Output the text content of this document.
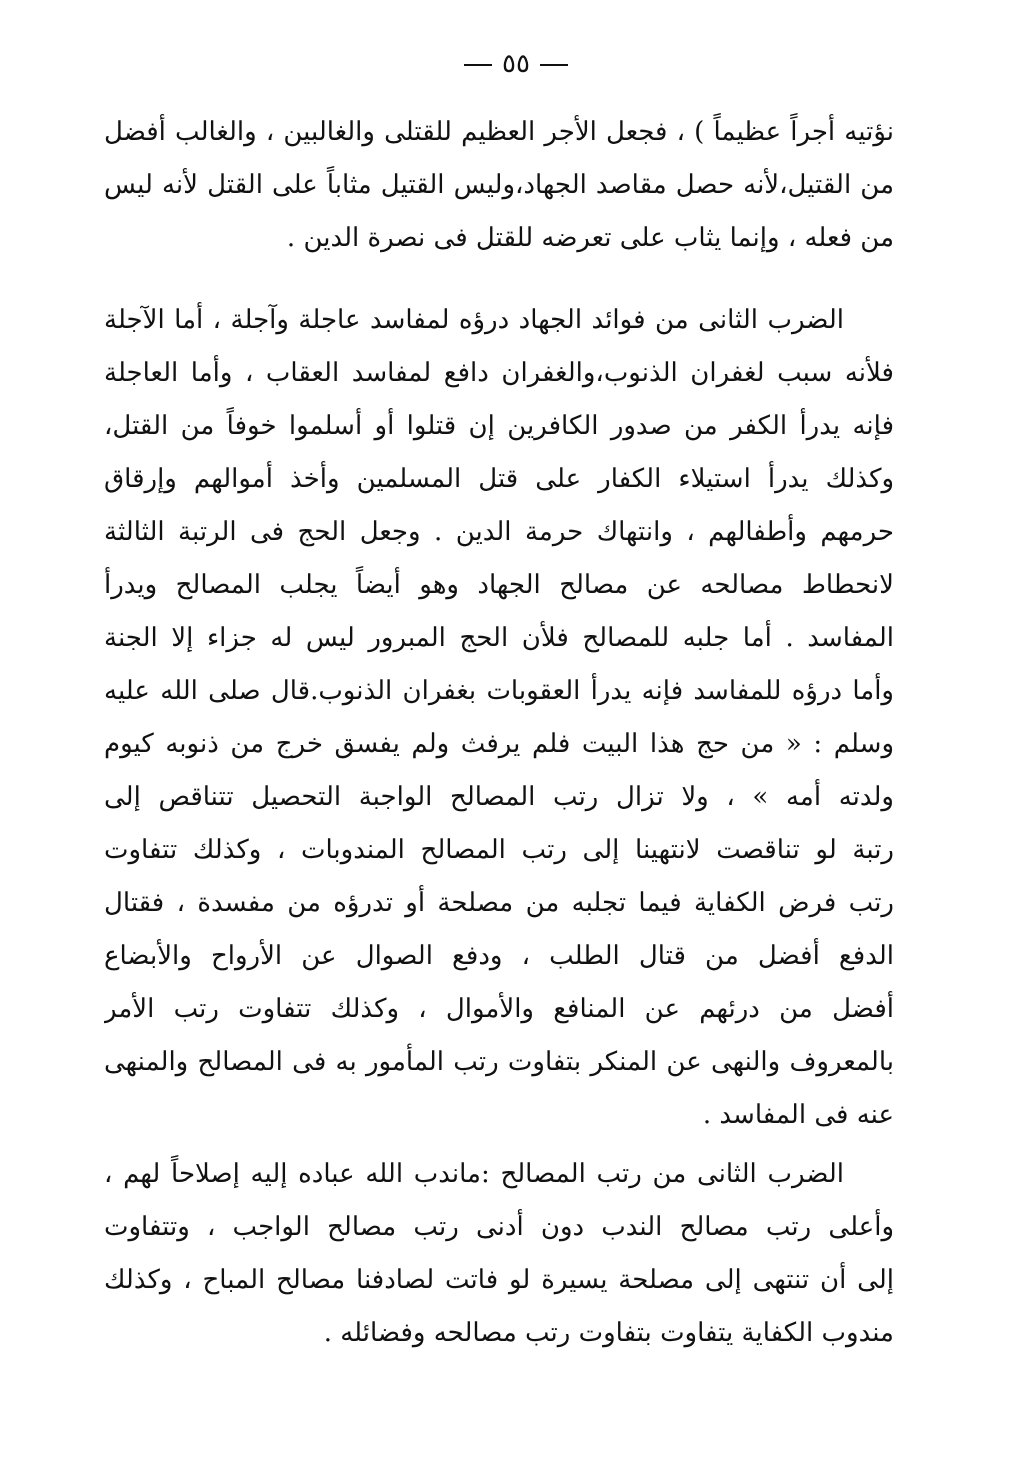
٥٥
نؤتيه أجراً عظيماً ) ، فجعل الأجر العظيم للقتلى والغالبين ، والغالب أفضل
من القتيل،لأنه حصل مقاصد الجهاد،وليس القتيل مثاباً على القتل لأنه ليس
من فعله ، وإنما يثاب على تعرضه للقتل فى نصرة الدين .
الضرب الثانى من فوائد الجهاد درؤه لمفاسد عاجلة وآجلة ، أما الآجلة
فلأنه سبب لغفران الذنوب،والغفران دافع لمفاسد العقاب ، وأما العاجلة
فإنه يدرأ الكفر من صدور الكافرين إن قتلوا أو أسلموا خوفاً من القتل،
وكذلك يدرأ استيلاء الكفار على قتل المسلمين وأخذ أموالهم وإرقاق
حرمهم وأطفالهم ، وانتهاك حرمة الدين . وجعل الحج فى الرتبة الثالثة
لانحطاط مصالحه عن مصالح الجهاد وهو أيضاً يجلب المصالح ويدرأ
المفاسد . أما جلبه للمصالح فلأن الحج المبرور ليس له جزاء إلا الجنة
وأما درؤه للمفاسد فإنه يدرأ العقوبات بغفران الذنوب.قال صلى الله عليه
وسلم : « من حج هذا البيت فلم يرفث ولم يفسق خرج من ذنوبه كيوم
ولدته أمه » ، ولا تزال رتب المصالح الواجبة التحصيل تتناقص إلى
رتبة لو تناقصت لانتهينا إلى رتب المصالح المندوبات ، وكذلك تتفاوت
رتب فرض الكفاية فيما تجلبه من مصلحة أو تدرؤه من مفسدة ، فقتال
الدفع أفضل من قتال الطلب ، ودفع الصوال عن الأرواح والأبضاع
أفضل من درئهم عن المنافع والأموال ، وكذلك تتفاوت رتب الأمر
بالمعروف والنهى عن المنكر بتفاوت رتب المأمور به فى المصالح والمنهى
عنه فى المفاسد .
الضرب الثانى من رتب المصالح :ماندب الله عباده إليه إصلاحاً لهم ،
وأعلى رتب مصالح الندب دون أدنى رتب مصالح الواجب ، وتتفاوت
إلى أن تنتهى إلى مصلحة يسيرة لو فاتت لصادفنا مصالح المباح ، وكذلك
مندوب الكفاية يتفاوت بتفاوت رتب مصالحه وفضائله .
